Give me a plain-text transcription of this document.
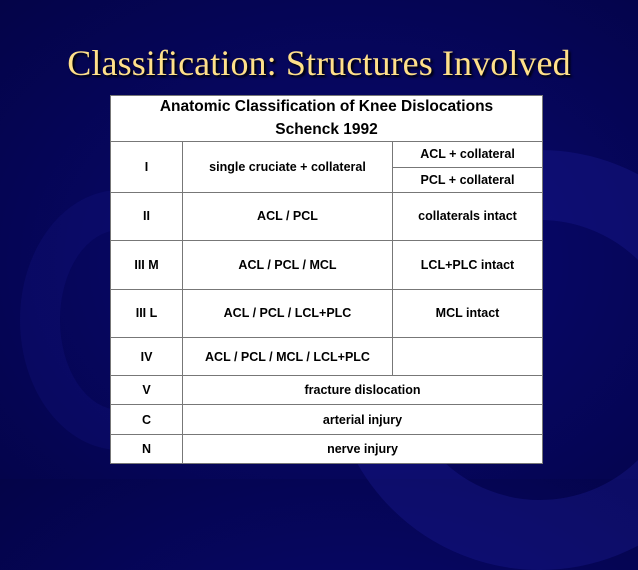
Classification: Structures Involved
Anatomic Classification of Knee Dislocations		
Schenck 1992		
I	single cruciate + collateral	ACL + collateral
		PCL + collateral
II	ACL / PCL	collaterals intact
III M	ACL / PCL / MCL	LCL+PLC intact
III L	ACL / PCL / LCL+PLC	MCL intact
IV	ACL / PCL / MCL / LCL+PLC	
V	fracture dislocation	
C	arterial injury	
N	nerve injury	
